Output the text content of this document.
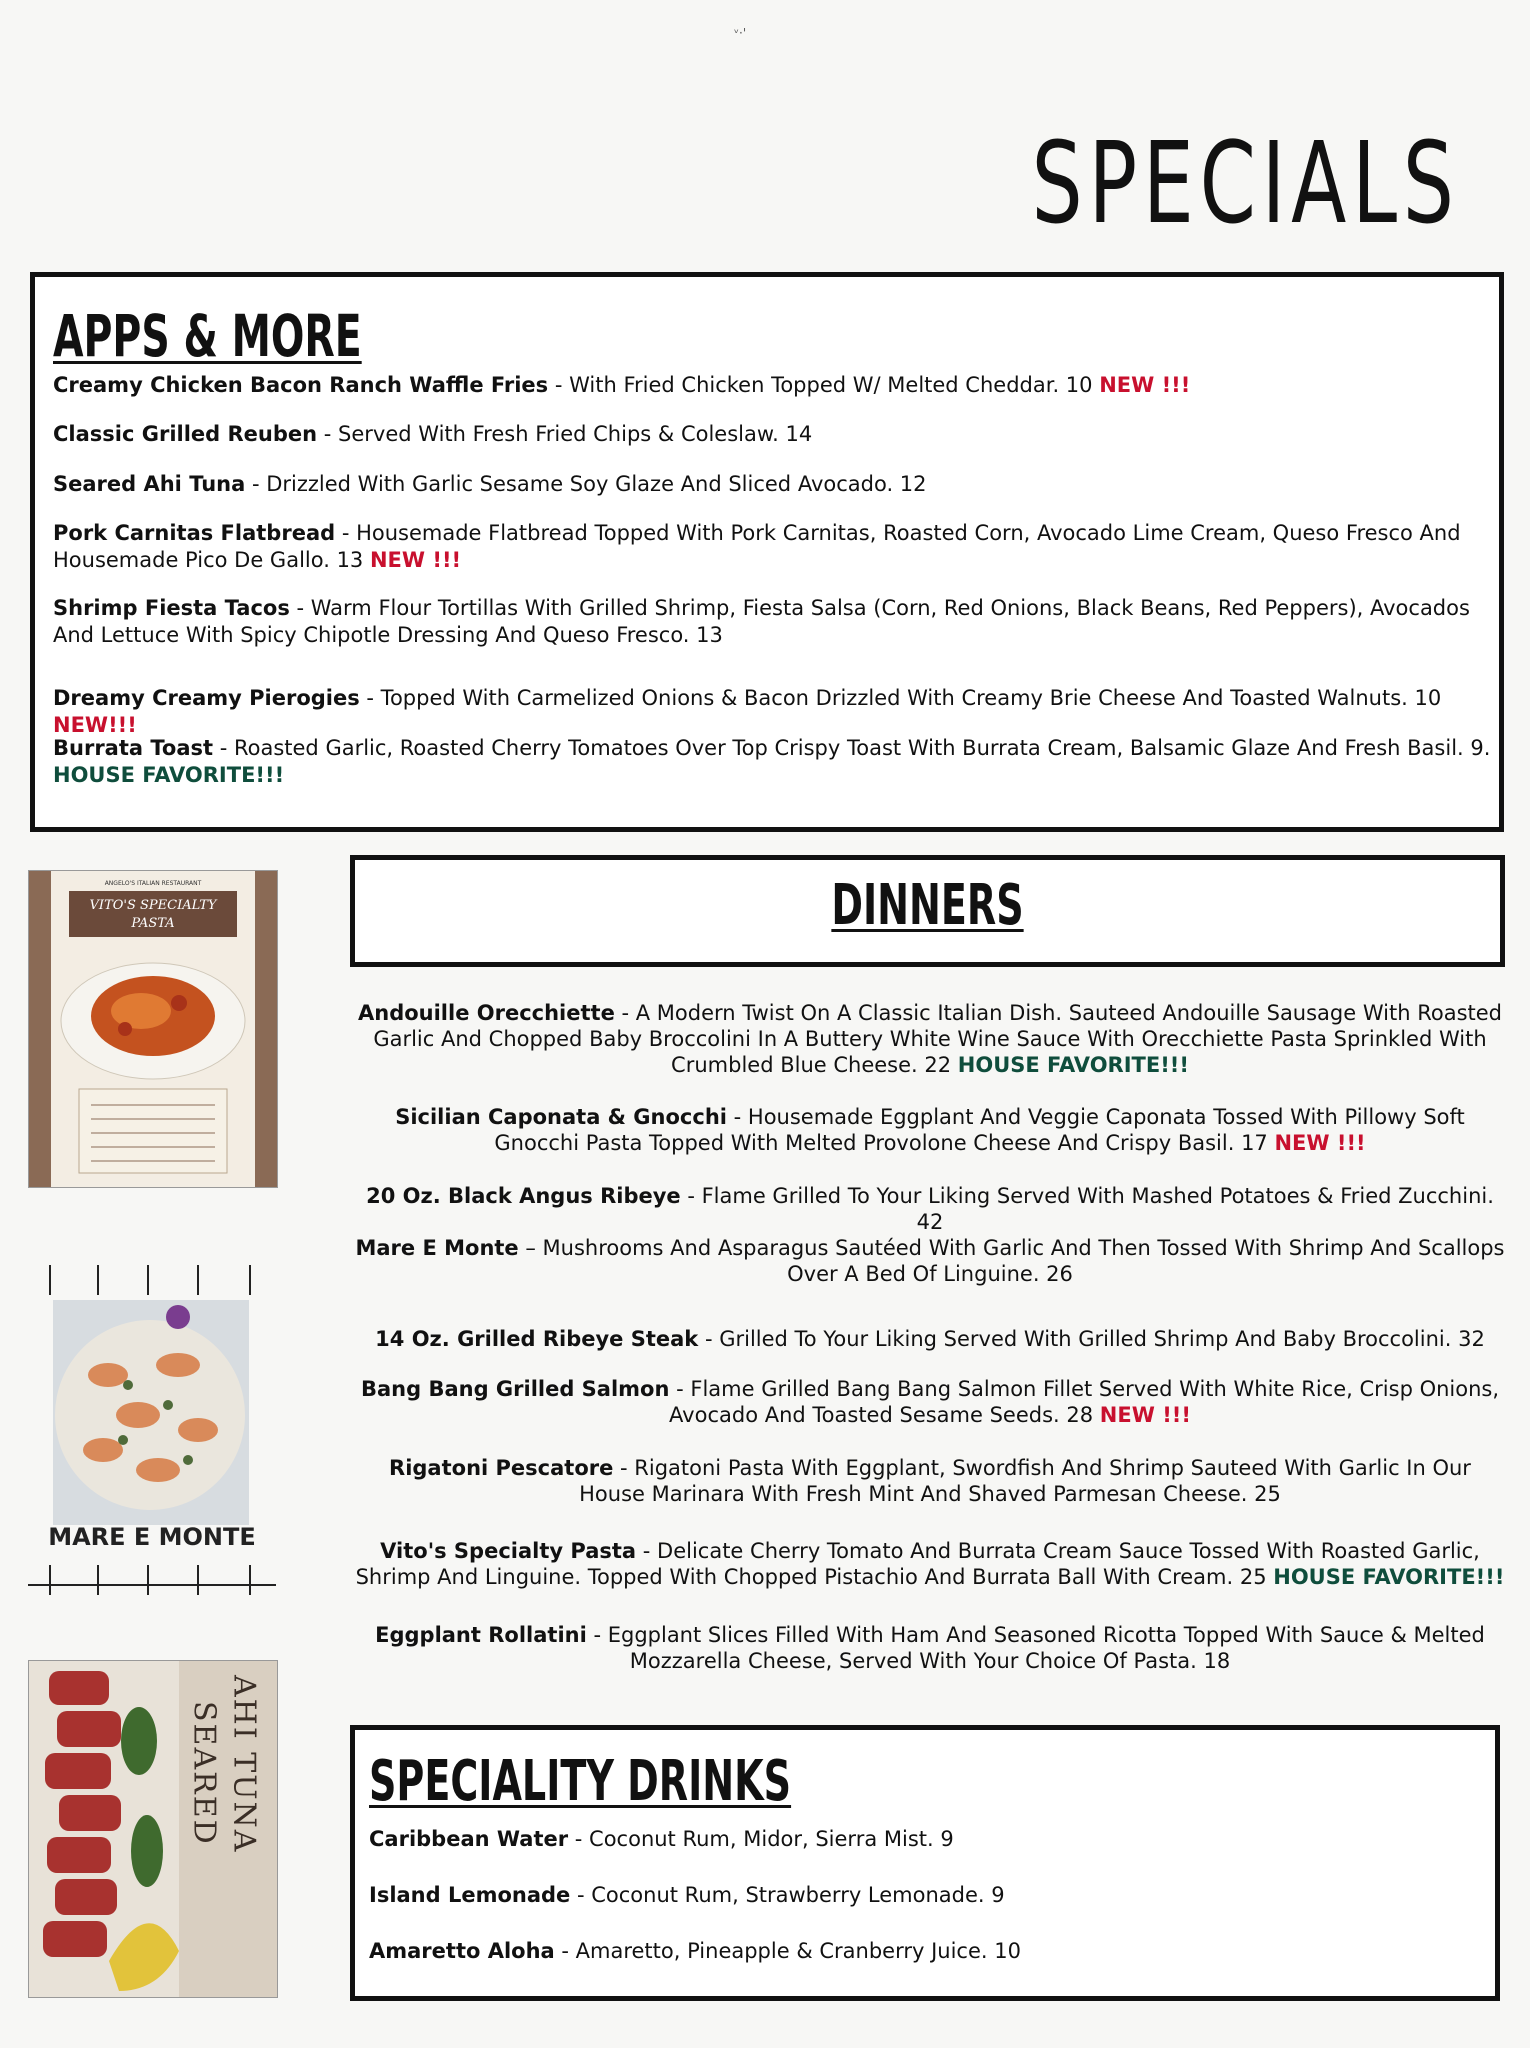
ᵛ·'
SPECIALS
APPS & MORE
Creamy Chicken Bacon Ranch Waffle Fries - With Fried Chicken Topped W/ Melted Cheddar. 10 NEW !!!
Classic Grilled Reuben - Served With Fresh Fried Chips & Coleslaw. 14
Seared Ahi Tuna - Drizzled With Garlic Sesame Soy Glaze And Sliced Avocado. 12
Pork Carnitas Flatbread - Housemade Flatbread Topped With Pork Carnitas, Roasted Corn, Avocado Lime Cream, Queso Fresco And Housemade Pico De Gallo. 13 NEW !!!
Shrimp Fiesta Tacos - Warm Flour Tortillas With Grilled Shrimp, Fiesta Salsa (Corn, Red Onions, Black Beans, Red Peppers), Avocados And Lettuce With Spicy Chipotle Dressing And Queso Fresco. 13
Dreamy Creamy Pierogies - Topped With Carmelized Onions & Bacon Drizzled With Creamy Brie Cheese And Toasted Walnuts. 10 NEW!!!
Burrata Toast - Roasted Garlic, Roasted Cherry Tomatoes Over Top Crispy Toast With Burrata Cream, Balsamic Glaze And Fresh Basil. 9.
HOUSE FAVORITE!!!
DINNERS
Andouille Orecchiette - A Modern Twist On A Classic Italian Dish. Sauteed Andouille Sausage With Roasted Garlic And Chopped Baby Broccolini In A Buttery White Wine Sauce With Orecchiette Pasta Sprinkled With Crumbled Blue Cheese. 22 HOUSE FAVORITE!!!
Sicilian Caponata & Gnocchi - Housemade Eggplant And Veggie Caponata Tossed With Pillowy Soft Gnocchi Pasta Topped With Melted Provolone Cheese And Crispy Basil. 17 NEW !!!
20 Oz. Black Angus Ribeye - Flame Grilled To Your Liking Served With Mashed Potatoes & Fried Zucchini. 42
Mare E Monte – Mushrooms And Asparagus Sautéed With Garlic And Then Tossed With Shrimp And Scallops Over A Bed Of Linguine. 26
14 Oz. Grilled Ribeye Steak - Grilled To Your Liking Served With Grilled Shrimp And Baby Broccolini. 32
Bang Bang Grilled Salmon - Flame Grilled Bang Bang Salmon Fillet Served With White Rice, Crisp Onions, Avocado And Toasted Sesame Seeds. 28 NEW !!!
Rigatoni Pescatore - Rigatoni Pasta With Eggplant, Swordfish And Shrimp Sauteed With Garlic In Our House Marinara With Fresh Mint And Shaved Parmesan Cheese. 25
Vito's Specialty Pasta - Delicate Cherry Tomato And Burrata Cream Sauce Tossed With Roasted Garlic, Shrimp And Linguine. Topped With Chopped Pistachio And Burrata Ball With Cream. 25 HOUSE FAVORITE!!!
Eggplant Rollatini - Eggplant Slices Filled With Ham And Seasoned Ricotta Topped With Sauce & Melted Mozzarella Cheese, Served With Your Choice Of Pasta. 18
SPECIALITY DRINKS
Caribbean Water - Coconut Rum, Midor, Sierra Mist. 9
Island Lemonade - Coconut Rum, Strawberry Lemonade. 9
Amaretto Aloha - Amaretto, Pineapple & Cranberry Juice. 10
ANGELO'S ITALIAN RESTAURANT
VITO'S SPECIALTY
PASTA
MARE E MONTE
SEARED AHI TUNA
